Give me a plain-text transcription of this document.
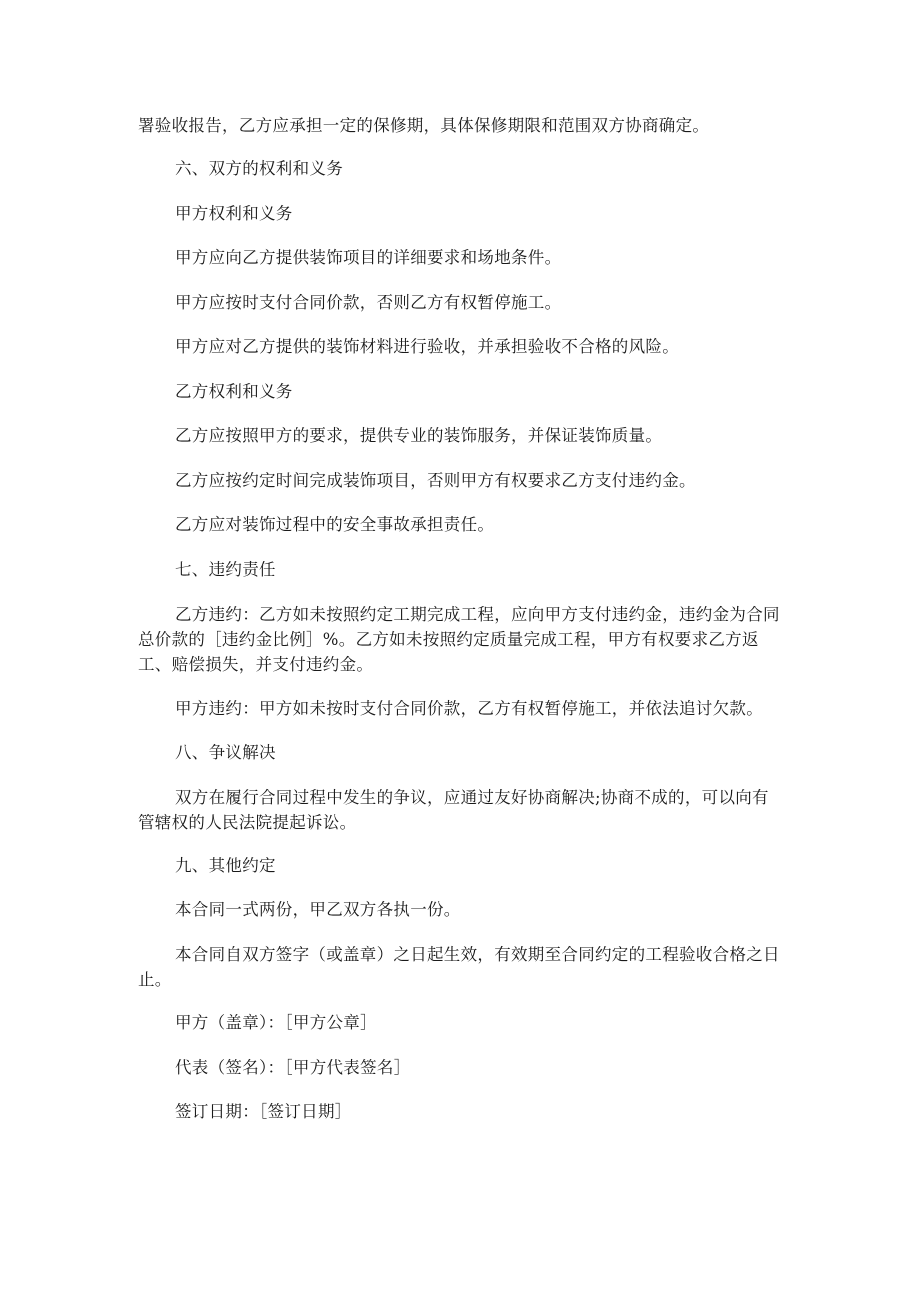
署验收报告，乙方应承担一定的保修期，具体保修期限和范围双方协商确定。

六、双方的权利和义务

甲方权利和义务

甲方应向乙方提供装饰项目的详细要求和场地条件。

甲方应按时支付合同价款，否则乙方有权暂停施工。

甲方应对乙方提供的装饰材料进行验收，并承担验收不合格的风险。

乙方权利和义务

乙方应按照甲方的要求，提供专业的装饰服务，并保证装饰质量。

乙方应按约定时间完成装饰项目，否则甲方有权要求乙方支付违约金。

乙方应对装饰过程中的安全事故承担责任。

七、违约责任

乙方违约：乙方如未按照约定工期完成工程，应向甲方支付违约金，违约金为合同总价款的［违约金比例］%。乙方如未按照约定质量完成工程，甲方有权要求乙方返工、赔偿损失，并支付违约金。

甲方违约：甲方如未按时支付合同价款，乙方有权暂停施工，并依法追讨欠款。

八、争议解决

双方在履行合同过程中发生的争议，应通过友好协商解决;协商不成的，可以向有管辖权的人民法院提起诉讼。

九、其他约定

本合同一式两份，甲乙双方各执一份。

本合同自双方签字（或盖章）之日起生效，有效期至合同约定的工程验收合格之日止。

甲方（盖章）：［甲方公章］

代表（签名）：［甲方代表签名］

签订日期：［签订日期］
